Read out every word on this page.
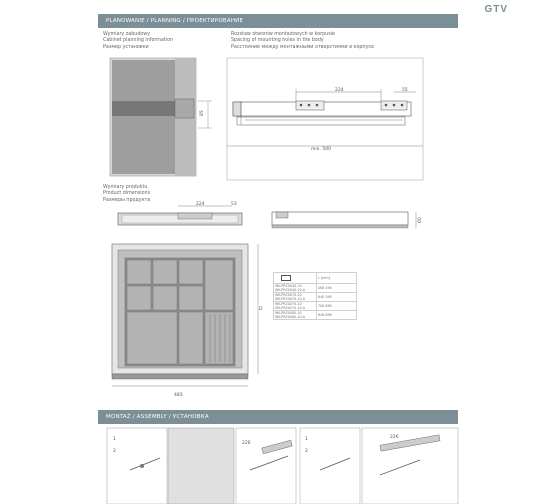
GTV
PLANOWANIE / PLANNING / ПРОЕКТИРОВАНИЕ
Wymiary zabudowy
Cabinet planning information
Размер установки
Rozstaw otworów montażowych w korpusie
Spacing of mounting holes in the body
Расстояние между монтажными отверстиями в корпусе
Wymiary produktu
Product dimensions
Размеры продукта
85
224	55
min. 500
224	53
60
483
D
226
226
1
2
1
2
	L [mm]

WK-PRZ0040-10
WK-PRZ0040-10-A	468 498

WK-PRZ0070-10
WK-PRZ0070-10-A	640 398

WK-PRZ0070-10
WK-PRZ0070-10-A	700 898

WK-PRZ0080-10
WK-PRZ0080-10-A	848 898
MONTAŻ / ASSEMBLY / УСТАНОВКА
